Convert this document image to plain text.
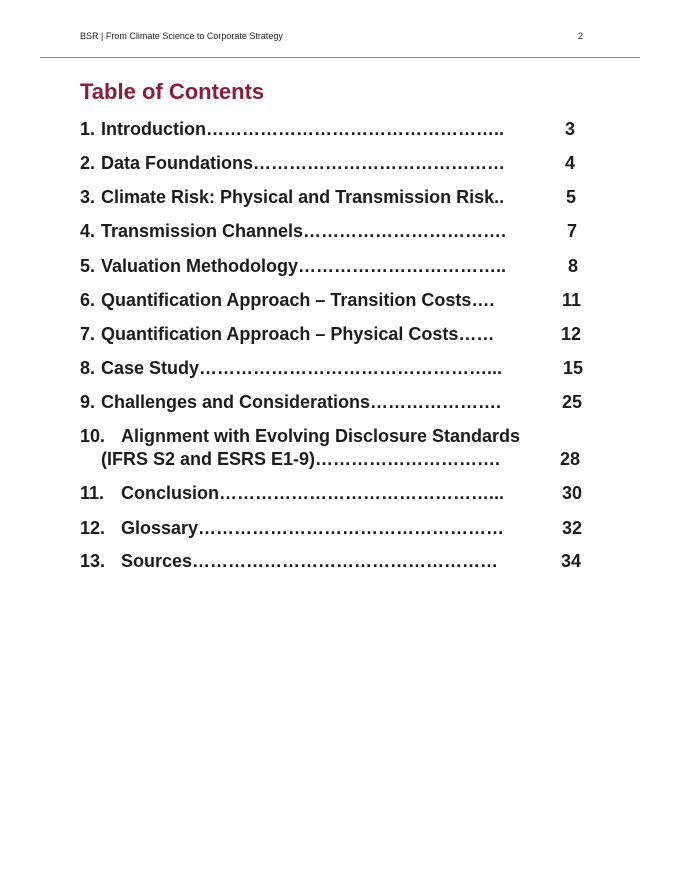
BSR | From Climate Science to Corporate Strategy	2
Table of Contents
1. Introduction…………………………………………..	3
2. Data Foundations……………………………………	4
3. Climate Risk: Physical and Transmission Risk..	5
4. Transmission Channels…………………………….	7
5. Valuation Methodology……………………………..	8
6. Quantification Approach – Transition Costs….	11
7. Quantification Approach – Physical Costs……	12
8. Case Study…………………………………………...	15
9. Challenges and Considerations………………….	25
10. Alignment with Evolving Disclosure Standards
(IFRS S2 and ESRS E1-9)………………………….	28
11. Conclusion………………………………………...	30
12. Glossary……………………………………………	32
13. Sources……………………………………………	34
